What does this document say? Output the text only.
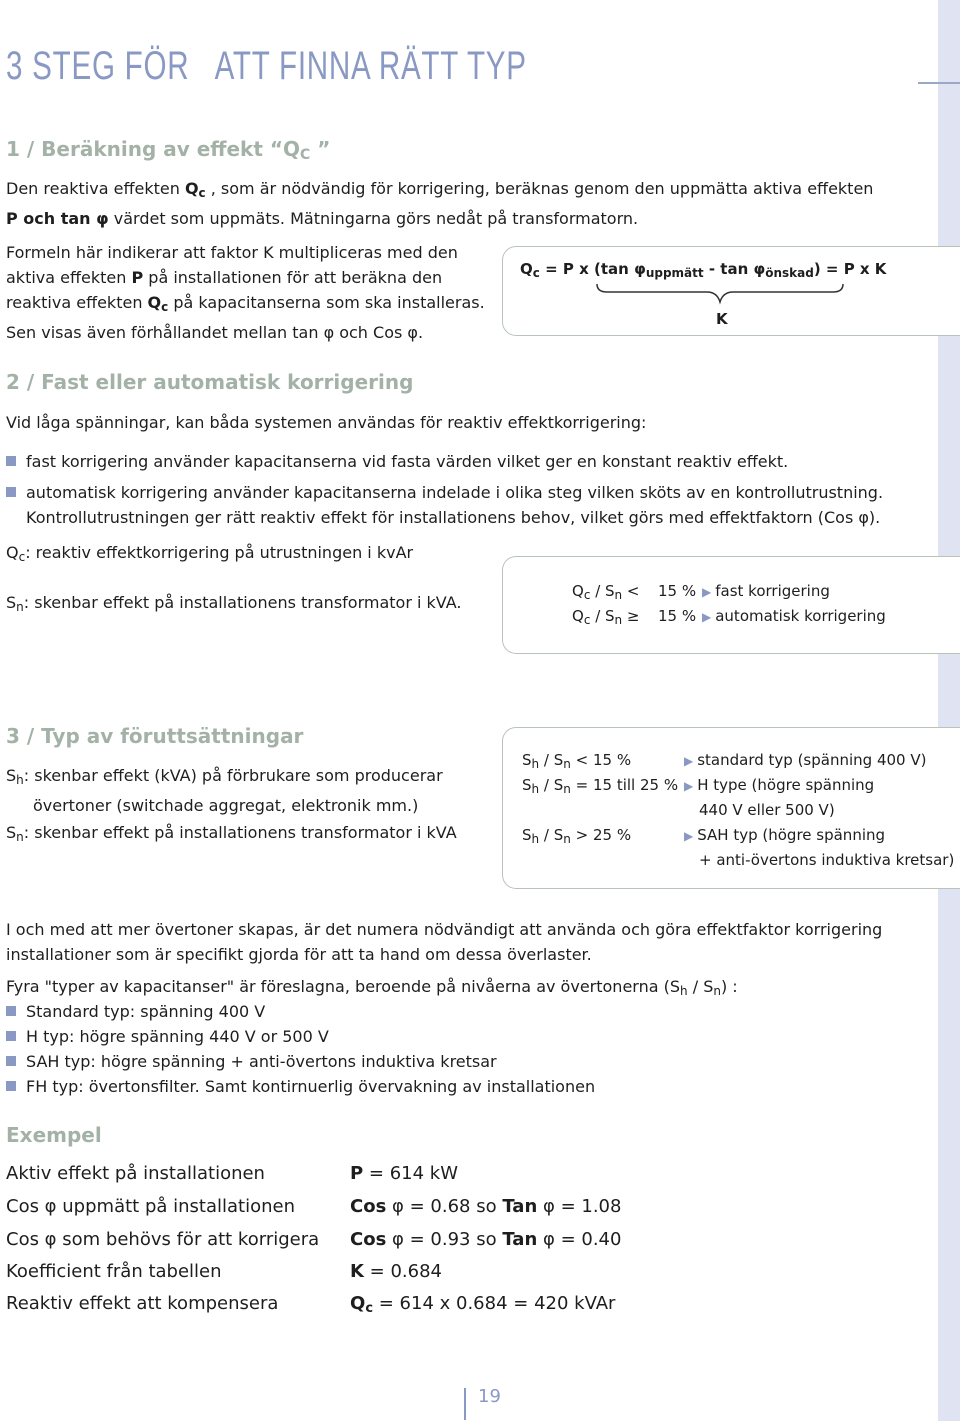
3 STEG FÖR   ATT FINNA RÄTT TYP
1 / Beräkning av effekt “$Q_C$ ”

Den reaktiva effekten $Q_c$ , som är nödvändig för korrigering, beräknas genom den uppmätta aktiva effekten

P och tan φ värdet som uppmäts. Mätningarna görs nedåt på transformatorn.

Formeln här indikerar att faktor K multipliceras med den

aktiva effekten P på installationen för att beräkna den

reaktiva effekten $Q_c$ på kapacitanserna som ska installeras.

Sen visas även förhållandet mellan tan φ och Cos φ.

$Q_c = P$ x (tan $\varphi_{uppmätt} - \tan \varphi_{önskad}) = P$ x K
K
2 / Fast eller automatisk korrigering
Vid låga spänningar, kan båda systemen användas för reaktiv effektkorrigering:
fast korrigering använder kapacitanserna vid fasta värden vilket ger en konstant reaktiv effekt.
automatisk korrigering använder kapacitanserna indelade i olika steg vilken sköts av en kontrollutrustning.
Kontrollutrustningen ger rätt reaktiv effekt för installationens behov, vilket görs med effektfaktorn (Cos φ).
$Q_c$: reaktiv effektkorrigering på utrustningen i kvAr
$S_n$: skenbar effekt på installationens transformator i kVA.
$Q_c / S_n < 15$ % ▶ fast korrigering
$Q_c / S_n \ge 15$ % ▶ automatisk korrigering
3 / Typ av föruttsättningar

$S_h$: skenbar effekt (kVA) på förbrukare som producerar

övertoner (switchade aggregat, elektronik mm.)

$S_n$: skenbar effekt på installationens transformator i kVA
$S_h / S_n < 15$ %	▶ standard typ (spänning 400 V)
$S_h / S_n = 15$ till 25 % ▶ H type (högre spänning
440 V eller 500 V)
$S_h / S_n > 25$ %	▶ SAH typ (högre spänning
+ anti-övertons induktiva kretsar)

I och med att mer övertoner skapas, är det numera nödvändigt att använda och göra effektfaktor korrigering

installationer som är specifikt gjorda för att ta hand om dessa överlaster.

Fyra "typer av kapacitanser" är föreslagna, beroende på nivåerna av övertonerna $(S_h / S_n)$ :
Standard typ: spänning 400 V
H typ: högre spänning 440 V or 500 V
SAH typ: högre spänning + anti-övertons induktiva kretsar
FH typ: övertonsfilter. Samt kontirnuerlig övervakning av installationen
Exempel
Aktiv effekt på installationen	P = 614 kW
Cos φ uppmätt på installationen	Cos φ = 0.68 so Tan φ = 1.08
Cos φ som behövs för att korrigera Cos φ = 0.93 so Tan φ = 0.40
Koefficient från tabellen	K = 0.684
Reaktiv effekt att kompensera	$Q_c = 614$ x 0.684 = 420 kVAr
19
